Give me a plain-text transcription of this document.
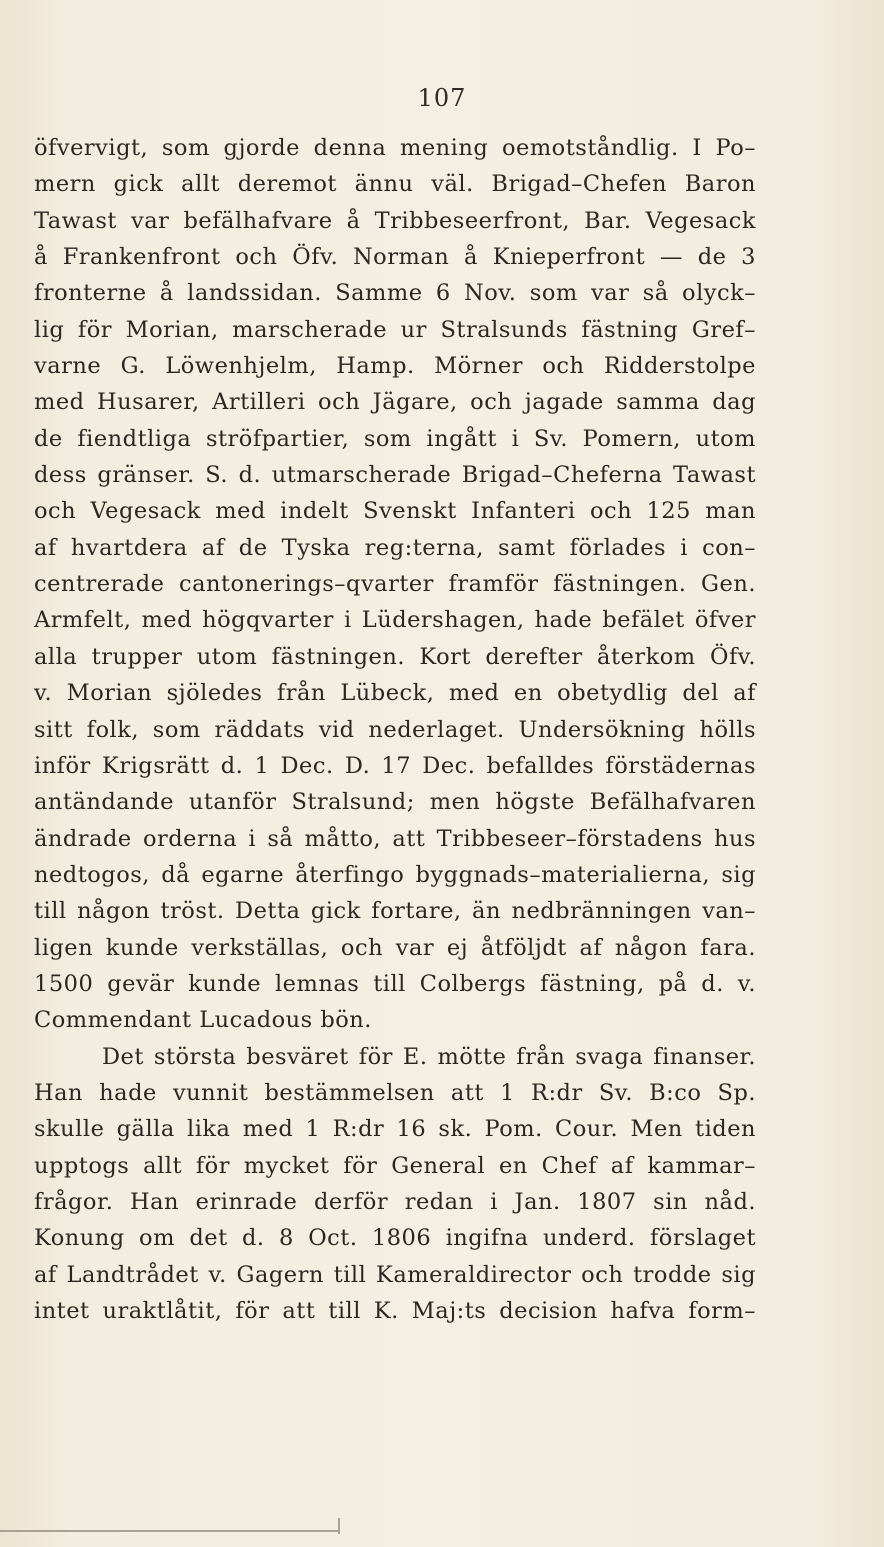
107
öfvervigt, som gjorde denna mening oemotståndlig. I Po–
mern gick allt deremot ännu väl. Brigad–Chefen Baron
Tawast var befälhafvare å Tribbeseerfront, Bar. Vegesack
å Frankenfront och Öfv. Norman å Knieperfront — de 3
fronterne å landssidan. Samme 6 Nov. som var så olyck–
lig för Morian, marscherade ur Stralsunds fästning Gref–
varne G. Löwenhjelm, Hamp. Mörner och Ridderstolpe
med Husarer, Artilleri och Jägare, och jagade samma dag
de fiendtliga ströfpartier, som ingått i Sv. Pomern, utom
dess gränser. S. d. utmarscherade Brigad–Cheferna Tawast
och Vegesack med indelt Svenskt Infanteri och 125 man
af hvartdera af de Tyska reg:terna, samt förlades i con–
centrerade cantonerings–qvarter framför fästningen. Gen.
Armfelt, med högqvarter i Lüdershagen, hade befälet öfver
alla trupper utom fästningen. Kort derefter återkom Öfv.
v. Morian sjöledes från Lübeck, med en obetydlig del af
sitt folk, som räddats vid nederlaget. Undersökning hölls
inför Krigsrätt d. 1 Dec. D. 17 Dec. befalldes förstädernas
antändande utanför Stralsund; men högste Befälhafvaren
ändrade orderna i så måtto, att Tribbeseer–förstadens hus
nedtogos, då egarne återfingo byggnads–materialierna, sig
till någon tröst. Detta gick fortare, än nedbränningen van–
ligen kunde verkställas, och var ej åtföljdt af någon fara.
1500 gevär kunde lemnas till Colbergs fästning, på d. v.
Commendant Lucadous bön.
Det största besväret för E. mötte från svaga finanser.
Han hade vunnit bestämmelsen att 1 R:dr Sv. B:co Sp.
skulle gälla lika med 1 R:dr 16 sk. Pom. Cour. Men tiden
upptogs allt för mycket för General en Chef af kammar–
frågor. Han erinrade derför redan i Jan. 1807 sin nåd.
Konung om det d. 8 Oct. 1806 ingifna underd. förslaget
af Landtrådet v. Gagern till Kameraldirector och trodde sig
intet uraktlåtit, för att till K. Maj:ts decision hafva form–
